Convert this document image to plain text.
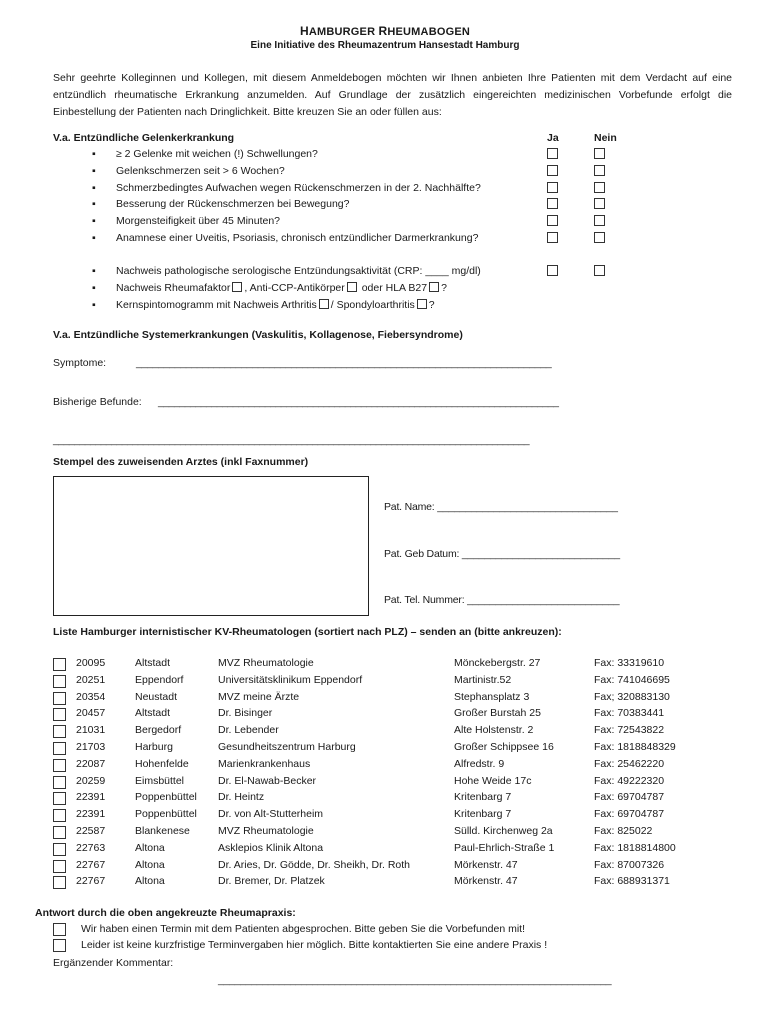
HAMBURGER RHEUMABOGEN
Eine Initiative des Rheumazentrum Hansestadt Hamburg
Sehr geehrte Kolleginnen und Kollegen, mit diesem Anmeldebogen möchten wir Ihnen anbieten Ihre Patienten mit dem Verdacht auf eine entzündlich rheumatische Erkrankung anzumelden. Auf Grundlage der zusätzlich eingereichten medizinischen Vorbefunde erfolgt die Einbestellung der Patienten nach Dringlichkeit. Bitte kreuzen Sie an oder füllen aus:
V.a. Entzündliche Gelenkerkrankung	Ja	Nein
▪ ≥ 2 Gelenke mit weichen (!) Schwellungen?
▪ Gelenkschmerzen seit > 6 Wochen?
▪ Schmerzbedingtes Aufwachen wegen Rückenschmerzen in der 2. Nachhälfte?
▪ Besserung der Rückenschmerzen bei Bewegung?
▪ Morgensteifigkeit über 45 Minuten?
▪ Anamnese einer Uveitis, Psoriasis, chronisch entzündlicher Darmerkrankung?
▪ Nachweis pathologische serologische Entzündungsaktivität (CRP: ____ mg/dl)
▪ Nachweis Rheumafaktor , Anti-CCP-Antikörper oder HLA B27 ?
▪ Kernspintomogramm mit Nachweis Arthritis / Spondyloarthritis ?
V.a. Entzündliche Systemerkrankungen (Vaskulitis, Kollagenose, Fiebersyndrome)
Symptome:	___________________________________________________________________________
Bisherige Befunde: ___________________________________________________________________________
__________________________________________________________________________________________
Stempel des zuweisenden Arztes (inkl Faxnummer)
Pat. Name: ________________________________
Pat. Geb Datum: ____________________________
Pat. Tel. Nummer: ___________________________
Liste Hamburger internistischer KV-Rheumatologen (sortiert nach PLZ) – senden an (bitte ankreuzen):
20095	Altstadt	MVZ Rheumatologie	Mönckebergstr. 27	Fax: 33319610
20251	Eppendorf	Universitätsklinikum Eppendorf	Martinistr.52	Fax: 741046695
20354	Neustadt	MVZ meine Ärzte	Stephansplatz 3	Fax; 320883130
20457	Altstadt	Dr. Bisinger	Großer Burstah 25	Fax: 70383441
21031	Bergedorf	Dr. Lebender	Alte Holstenstr. 2	Fax: 72543822
21703	Harburg	Gesundheitszentrum Harburg	Großer Schippsee 16	Fax: 1818848329
22087	Hohenfelde	Marienkrankenhaus	Alfredstr. 9	Fax: 25462220
20259	Eimsbüttel	Dr. El-Nawab-Becker	Hohe Weide 17c	Fax: 49222320
22391	Poppenbüttel Dr. Heintz	Kritenbarg 7	Fax: 69704787
22391	Poppenbüttel Dr. von Alt-Stutterheim	Kritenbarg 7	Fax: 69704787
22587	Blankenese	MVZ Rheumatologie	Sülld. Kirchenweg 2a	Fax: 825022
22763	Altona	Asklepios Klinik Altona	Paul-Ehrlich-Straße 1	Fax: 1818814800
22767	Altona	Dr. Aries, Dr. Gödde, Dr. Sheikh, Dr. Roth	Mörkenstr. 47	Fax: 87007326
22767	Altona	Dr. Bremer, Dr. Platzek	Mörkenstr. 47	Fax: 688931371
Antwort durch die oben angekreuzte Rheumapraxis:
Wir haben einen Termin mit dem Patienten abgesprochen. Bitte geben Sie die Vorbefunden mit!
Leider ist keine kurzfristige Terminvergaben hier möglich. Bitte kontaktierten Sie eine andere Praxis !
Ergänzender Kommentar:
_______________________________________________________________________
